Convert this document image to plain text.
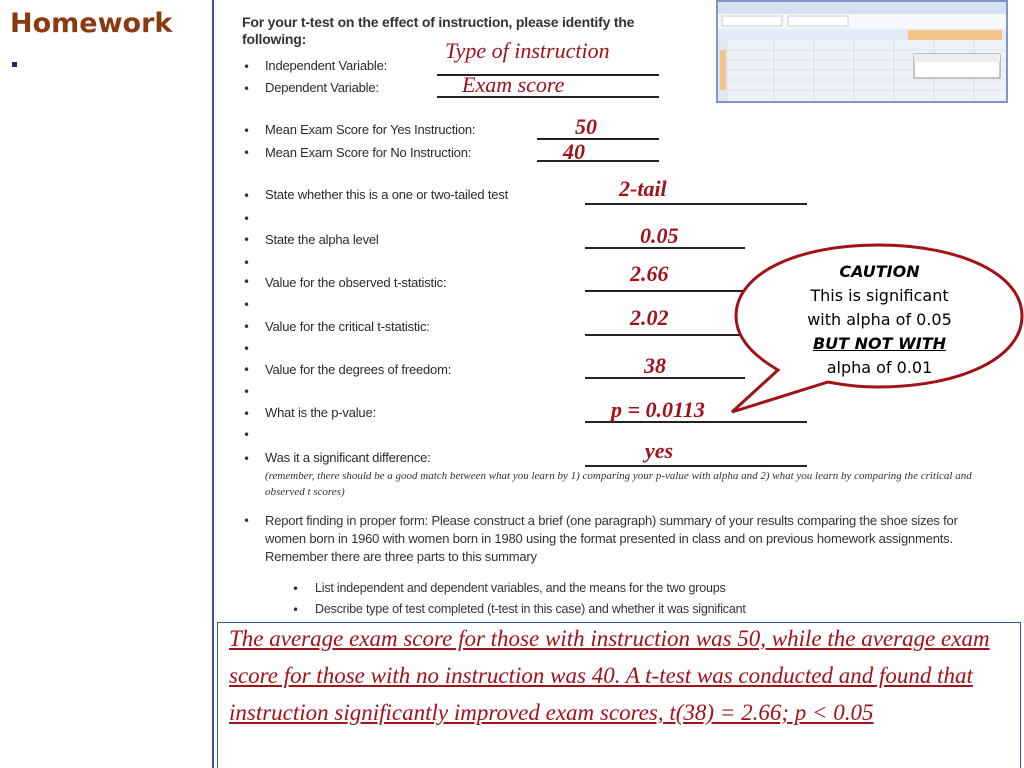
Homework	For your t-test on the effect of instruction, please identify the following:
•
•
•
•
•
•
•
•
•
•
•
•
•
•
•
•
•
•
Independent Variable:
Dependent Variable:
Mean Exam Score for Yes Instruction:
Mean Exam Score for No Instruction:
State whether this is a one or two-tailed test
State the alpha level
Value for the observed t-statistic:
Value for the critical t-statistic:
Value for the degrees of freedom:
What is the p-value:
Was it a significant difference:
Type of instruction
Exam score
50
40
2-tail
0.05
2.66
2.02
38
p = 0.0113
yes
(remember, there should be a good match between what you learn by 1) comparing your p-value with alpha and 2) what you learn by comparing the critical and observed t scores)
Report finding in proper form: Please construct a brief (one paragraph) summary of your results comparing the shoe sizes for women born in 1960 with women born in 1980 using the format presented in class and on previous homework assignments. Remember there are three parts to this summary
•
•
List independent and dependent variables, and the means for the two groups
Describe type of test completed (t-test in this case) and whether it was significant
CAUTION
This is significant
with alpha of 0.05
BUT NOT WITH
alpha of 0.01
The average exam score for those with instruction was 50, while the average exam score for those with no instruction was 40. A t-test was conducted and found that instruction significantly improved exam scores, t(38) = 2.66; p < 0.05
